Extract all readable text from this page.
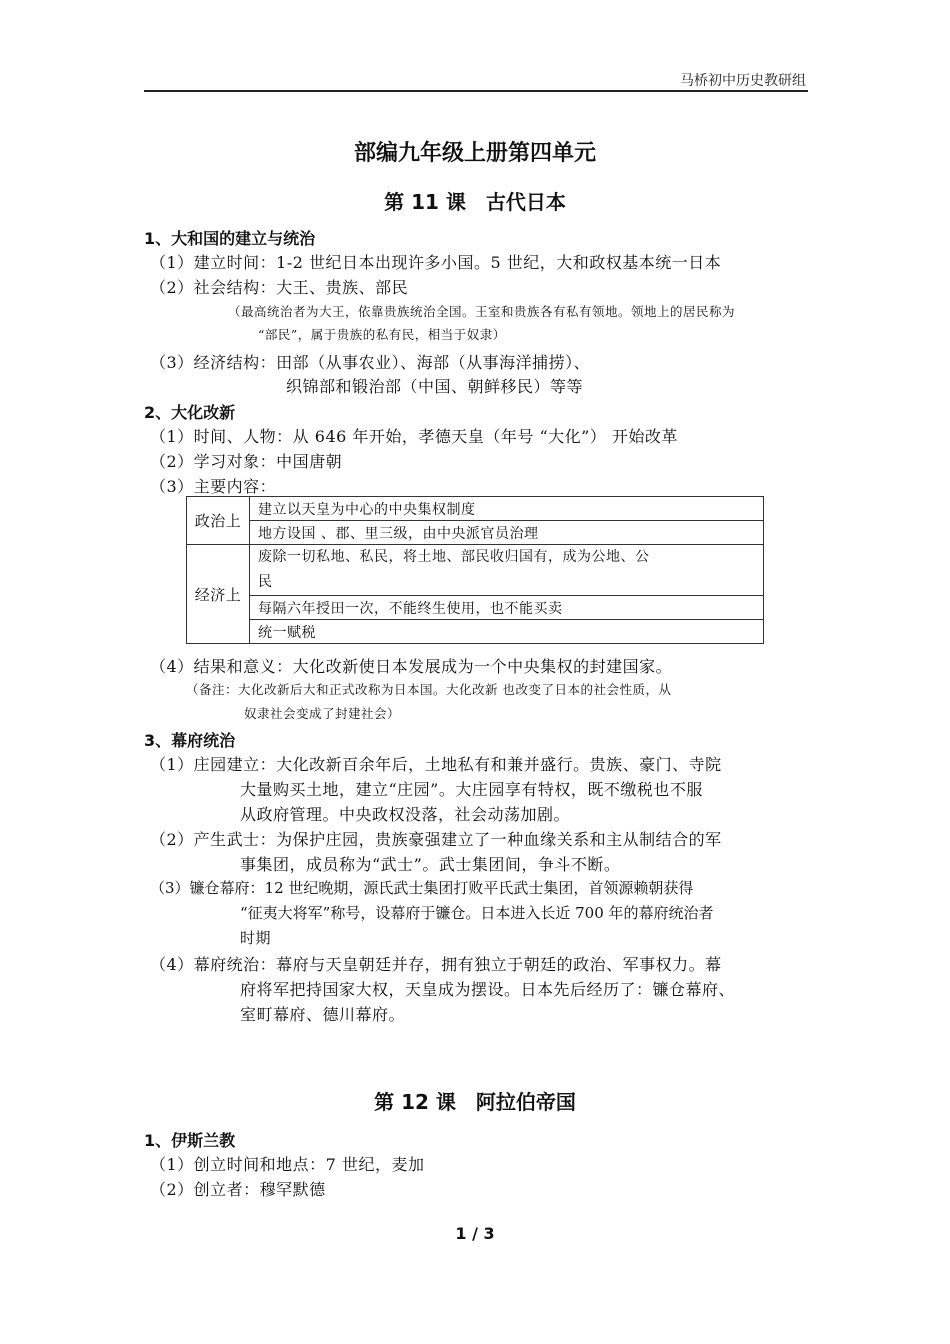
马桥初中历史教研组
部编九年级上册第四单元
第 11 课　古代日本
1、大和国的建立与统治
（1）建立时间：1-2 世纪日本出现许多小国。5 世纪，大和政权基本统一日本
（2）社会结构：大王、贵族、部民
（最高统治者为大王，依靠贵族统治全国。王室和贵族各有私有领地。领地上的居民称为
“部民”，属于贵族的私有民，相当于奴隶）
（3）经济结构：田部（从事农业）、海部（从事海洋捕捞）、
织锦部和锻治部（中国、朝鲜移民）等等
2、大化改新
（1）时间、人物：从 646 年开始，孝德天皇（年号 “大化”） 开始改革
（2）学习对象：中国唐朝
（3）主要内容：
政治上	建立以天皇为中心的中央集权制度
	地方设国 、郡、里三级，由中央派官员治理
经济上	废除一切私地、私民，将土地、部民收归国有，成为公地、公
民

	每隔六年授田一次，不能终生使用，也不能买卖
	统一赋税
（4）结果和意义：大化改新使日本发展成为一个中央集权的封建国家。
（备注：大化改新后大和正式改称为日本国。大化改新 也改变了日本的社会性质，从
奴隶社会变成了封建社会）
3、幕府统治
（1）庄园建立：大化改新百余年后，土地私有和兼并盛行。贵族、豪门、寺院
大量购买土地，建立“庄园”。大庄园享有特权，既不缴税也不服
从政府管理。中央政权没落，社会动荡加剧。
（2）产生武士：为保护庄园，贵族豪强建立了一种血缘关系和主从制结合的军
事集团，成员称为“武士”。武士集团间，争斗不断。
（3）镰仓幕府：12 世纪晚期，源氏武士集团打败平氏武士集团，首领源赖朝获得
“征夷大将军”称号，设幕府于镰仓。日本进入长近 700 年的幕府统治者
时期
（4）幕府统治：幕府与天皇朝廷并存，拥有独立于朝廷的政治、军事权力。幕
府将军把持国家大权，天皇成为摆设。日本先后经历了：镰仓幕府、
室町幕府、德川幕府。
第 12 课　阿拉伯帝国
1、伊斯兰教
（1）创立时间和地点：7 世纪，麦加
（2）创立者：穆罕默德
1 / 3
